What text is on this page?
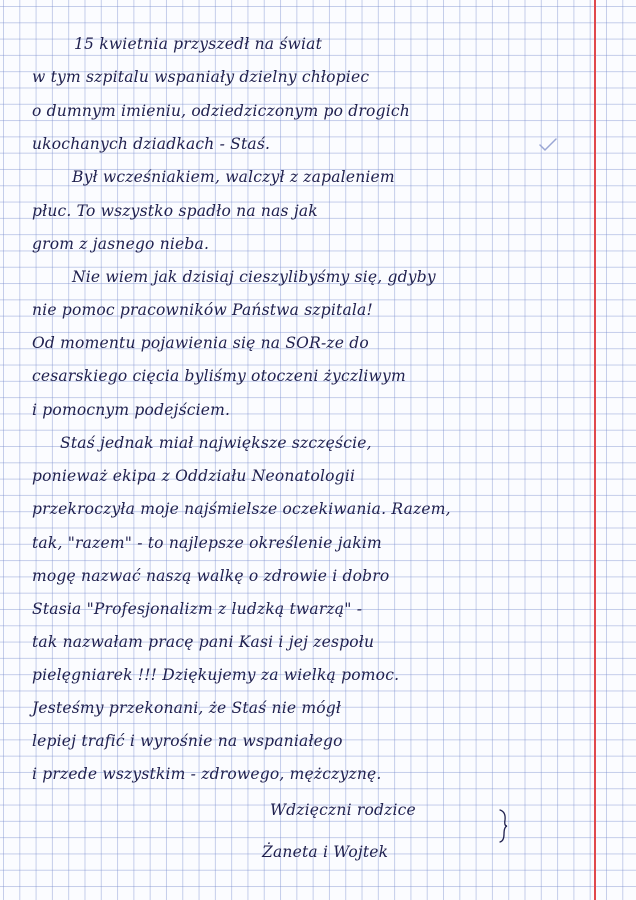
15 kwietnia przyszedł na świat
w tym szpitalu wspaniały dzielny chłopiec
o dumnym imieniu, odziedziczonym po drogich
ukochanych dziadkach - Staś.
Był wcześniakiem, walczył z zapaleniem
płuc. To wszystko spadło na nas jak
grom z jasnego nieba.
Nie wiem jak dzisiaj cieszylibyśmy się, gdyby
nie pomoc pracowników Państwa szpitala!
Od momentu pojawienia się na SOR-ze do
cesarskiego cięcia byliśmy otoczeni życzliwym
i pomocnym podejściem.
Staś jednak miał największe szczęście,
ponieważ ekipa z Oddziału Neonatologii
przekroczyła moje najśmielsze oczekiwania. Razem,
tak, "razem" - to najlepsze określenie jakim
mogę nazwać naszą walkę o zdrowie i dobro
Stasia "Profesjonalizm z ludzką twarzą" -
tak nazwałam pracę pani Kasi i jej zespołu
pielęgniarek !!! Dziękujemy za wielką pomoc.
Jesteśmy przekonani, że Staś nie mógł
lepiej trafić i wyrośnie na wspaniałego
i przede wszystkim - zdrowego, mężczyznę.
Wdzięczni rodzice
Żaneta i Wojtek
